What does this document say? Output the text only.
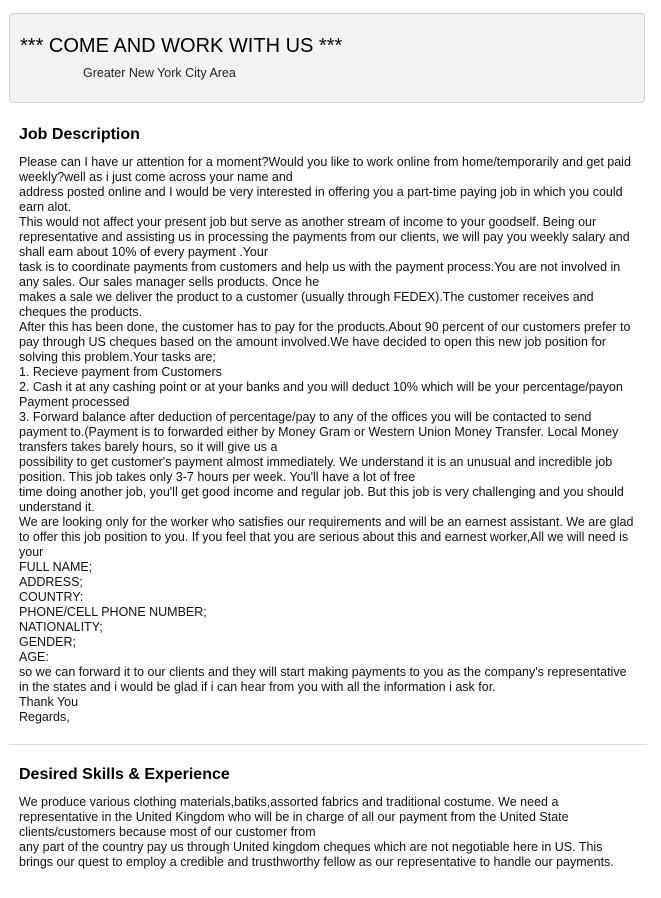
*** COME AND WORK WITH US ***
Greater New York City Area
Job Description
Please can I have ur attention for a moment?Would you like to work online from home/temporarily and get paid weekly?well as i just come across your name and
address posted online and I would be very interested in offering you a part-time paying job in which you could earn alot.
This would not affect your present job but serve as another stream of income to your goodself. Being our representative and assisting us in processing the payments from our clients, we will pay you weekly salary and shall earn about 10% of every payment .Your
task is to coordinate payments from customers and help us with the payment process.You are not involved in any sales. Our sales manager sells products. Once he
makes a sale we deliver the product to a customer (usually through FEDEX).The customer receives and cheques the products.
After this has been done, the customer has to pay for the products.About 90 percent of our customers prefer to pay through US cheques based on the amount involved.We have decided to open this new job position for solving this problem.Your tasks are;
1. Recieve payment from Customers
2. Cash it at any cashing point or at your banks and you will deduct 10% which will be your percentage/payon Payment processed
3. Forward balance after deduction of percentage/pay to any of the offices you will be contacted to send payment to.(Payment is to forwarded either by Money Gram or Western Union Money Transfer. Local Money transfers takes barely hours, so it will give us a
possibility to get customer's payment almost immediately. We understand it is an unusual and incredible job position. This job takes only 3-7 hours per week. You'll have a lot of free
time doing another job, you'll get good income and regular job. But this job is very challenging and you should understand it.
We are looking only for the worker who satisfies our requirements and will be an earnest assistant. We are glad to offer this job position to you. If you feel that you are serious about this and earnest worker,All we will need is your
FULL NAME;
ADDRESS;
COUNTRY:
PHONE/CELL PHONE NUMBER;
NATIONALITY;
GENDER;
AGE:
so we can forward it to our clients and they will start making payments to you as the company's representative in the states and i would be glad if i can hear from you with all the information i ask for.
Thank You
Regards,
Desired Skills & Experience
We produce various clothing materials,batiks,assorted fabrics and traditional costume. We need a representative in the United Kingdom who will be in charge of all our payment from the United State clients/customers because most of our customer from
any part of the country pay us through United kingdom cheques which are not negotiable here in US. This brings our quest to employ a credible and trusthworthy fellow as our representative to handle our payments.
